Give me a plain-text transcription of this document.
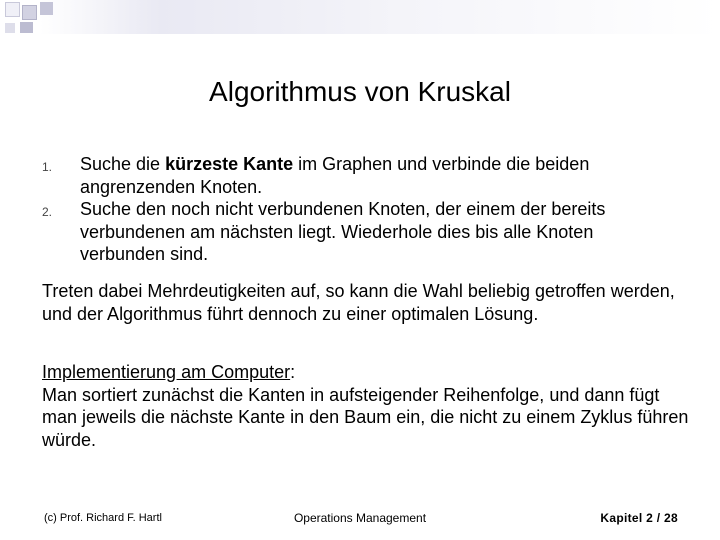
Algorithmus von Kruskal
1. Suche die kürzeste Kante im Graphen und verbinde die beiden angrenzenden Knoten.
2. Suche den noch nicht verbundenen Knoten, der einem der bereits verbundenen am nächsten liegt. Wiederhole dies bis alle Knoten verbunden sind.
Treten dabei Mehrdeutigkeiten auf, so kann die Wahl beliebig getroffen werden, und der Algorithmus führt dennoch zu einer optimalen Lösung.
Implementierung am Computer:
Man sortiert zunächst die Kanten in aufsteigender Reihenfolge, und dann fügt man jeweils die nächste Kante in den Baum ein, die nicht zu einem Zyklus führen würde.
(c) Prof. Richard F. Hartl	Operations Management	Kapitel 2 / 28
